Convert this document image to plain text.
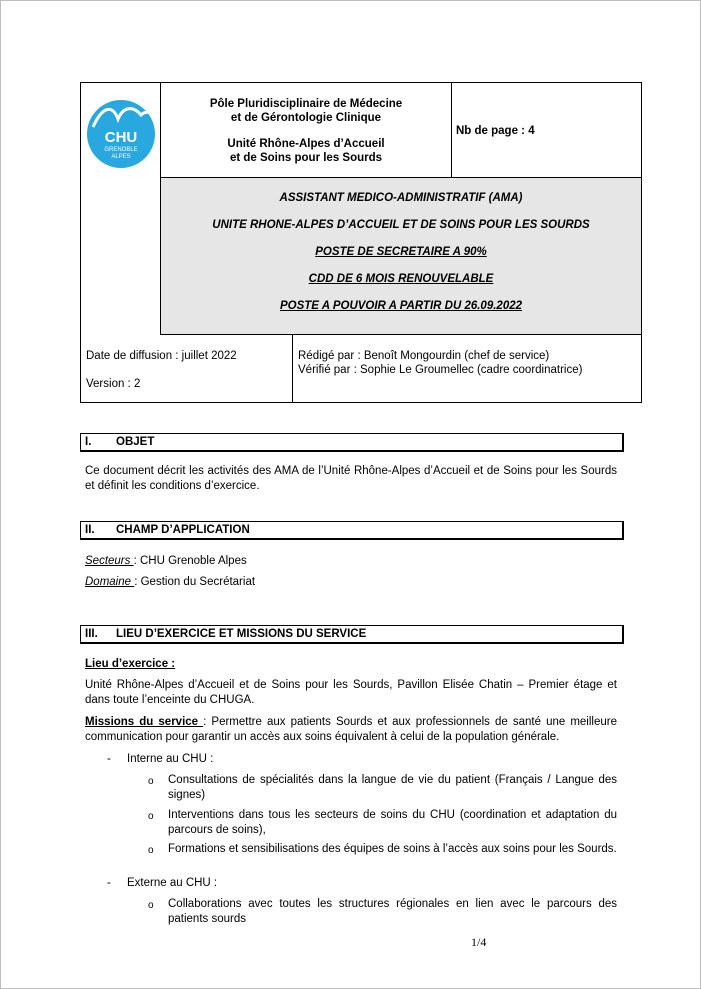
CHU
GRENOBLE
ALPES
Pôle Pluridisciplinaire de Médecine
et de Gérontologie Clinique
Unité Rhône-Alpes d’Accueil
et de Soins pour les Sourds
Nb de page : 4
ASSISTANT MEDICO-ADMINISTRATIF (AMA)
UNITE RHONE-ALPES D’ACCUEIL ET DE SOINS POUR LES SOURDS
POSTE DE SECRETAIRE A 90%
CDD DE 6 MOIS RENOUVELABLE
POSTE A POUVOIR A PARTIR DU 26.09.2022
Date de diffusion : juillet 2022
Version : 2
Rédigé par : Benoît Mongourdin (chef de service)
Vérifié par : Sophie Le Groumellec (cadre coordinatrice)
I. OBJET
Ce document décrit les activités des AMA de l’Unité Rhône-Alpes d’Accueil et de Soins pour les Sourds et définit les conditions d’exercice.
II. CHAMP D’APPLICATION
Secteurs : CHU Grenoble Alpes
Domaine : Gestion du Secrétariat
III. LIEU D’EXERCICE ET MISSIONS DU SERVICE
Lieu d’exercice :
Unité Rhône-Alpes d’Accueil et de Soins pour les Sourds, Pavillon Elisée Chatin – Premier étage et dans toute l’enceinte du CHUGA.
Missions du service : Permettre aux patients Sourds et aux professionnels de santé une meilleure communication pour garantir un accès aux soins équivalent à celui de la population générale.
- Interne au CHU :
o Consultations de spécialités dans la langue de vie du patient (Français / Langue des signes)
o Interventions dans tous les secteurs de soins du CHU (coordination et adaptation du parcours de soins),
o Formations et sensibilisations des équipes de soins à l’accès aux soins pour les Sourds.
- Externe au CHU :
o Collaborations avec toutes les structures régionales en lien avec le parcours des patients sourds
1/4
